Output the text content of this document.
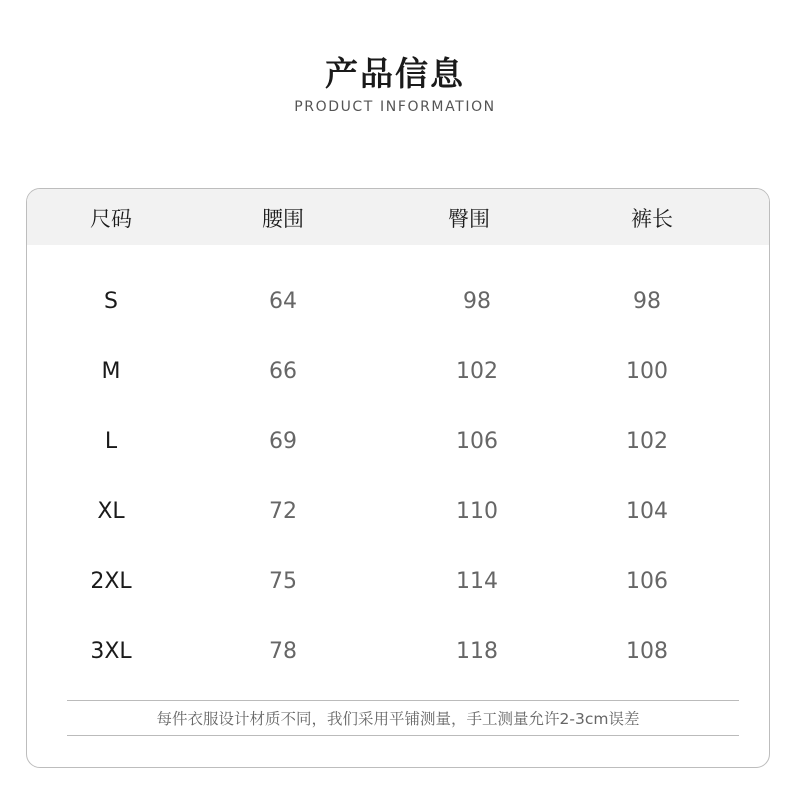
产品信息
PRODUCT INFORMATION
尺码	腰围	臀围	裤长
S	64	98	98
M	66	102	100
L	69	106	102
XL	72	110	104
2XL	75	114	106
3XL	78	118	108
每件衣服设计材质不同，我们采用平铺测量，手工测量允许2-3cm误差
